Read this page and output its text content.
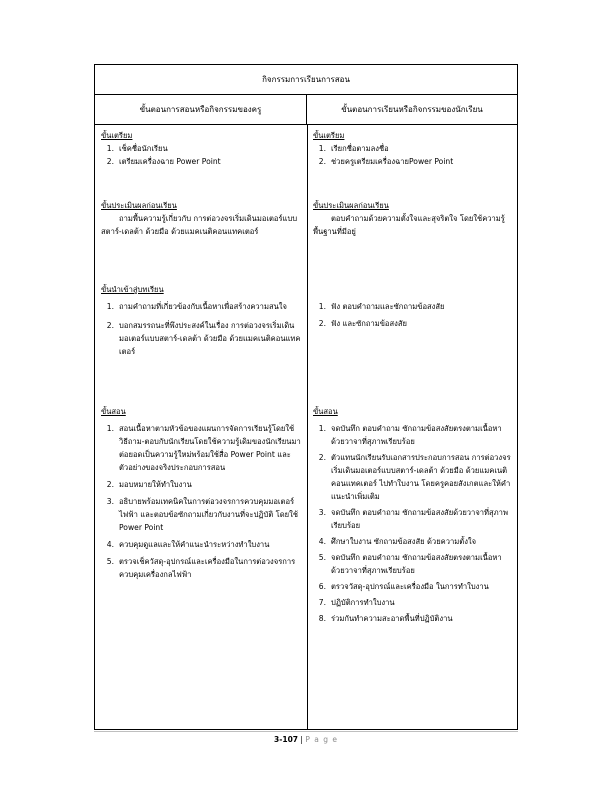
กิจกรรมการเรียนการสอน
ขั้นตอนการสอนหรือกิจกรรมของครู	ขั้นตอนการเรียนหรือกิจกรรมของนักเรียน
ขั้นเตรียม
1. เช็คชื่อนักเรียน
2. เตรียมเครื่องฉาย Power Point
ขั้นประเมินผลก่อนเรียน
ถามพื้นความรู้เกี่ยวกับ การต่อวงจรเริ่มเดินมอเตอร์แบบสตาร์-เดลต้า ด้วยมือ ด้วยแมคเนติคอนแทคเตอร์
ขั้นนำเข้าสู่บทเรียน
1. ถามคำถามที่เกี่ยวข้องกับเนื้อหาเพื่อสร้างความสนใจ
2. บอกสมรรถนะที่พึงประสงค์ในเรื่อง การต่อวงจรเริ่มเดินมอเตอร์แบบสตาร์-เดลต้า ด้วยมือ ด้วยแมคเนติคอนแทคเตอร์
ขั้นสอน
1. สอนเนื้อหาตามหัวข้อของแผนการจัดการเรียนรู้โดยใช้วิธีถาม-ตอบกับนักเรียนโดยใช้ความรู้เดิมของนักเรียนมาต่อยอดเป็นความรู้ใหม่พร้อมใช้สื่อ Power Point และตัวอย่างของจริงประกอบการสอน
2. มอบหมายให้ทำใบงาน
3. อธิบายพร้อมเทคนิคในการต่อวงจรการควบคุมมอเตอร์ไฟฟ้า และตอบข้อซักถามเกี่ยวกับงานที่จะปฏิบัติ โดยใช้ Power Point
4. ควบคุมดูแลและให้คำแนะนำระหว่างทำใบงาน
5. ตรวจเช็ควัสดุ-อุปกรณ์และเครื่องมือในการต่อวงจรการควบคุมเครื่องกลไฟฟ้า
ขั้นเตรียม
1. เรียกชื่อตามลงชื่อ
2. ช่วยครูเตรียมเครื่องฉายPower Point
ขั้นประเมินผลก่อนเรียน
ตอบคำถามด้วยความตั้งใจและสุจริตใจ โดยใช้ความรู้พื้นฐานที่มีอยู่
1. ฟัง ตอบคำถามและซักถามข้อสงสัย
2. ฟัง และซักถามข้อสงสัย
ขั้นสอน
1. จดบันทึก ตอบคำถาม ซักถามข้อสงสัยตรงตามเนื้อหาด้วยวาจาที่สุภาพเรียบร้อย
2. ตัวแทนนักเรียนรับเอกสารประกอบการสอน การต่อวงจรเริ่มเดินมอเตอร์แบบสตาร์-เดลต้า ด้วยมือ ด้วยแมคเนติคอนแทคเตอร์ ไปทำใบงาน โดยครูคอยสังเกตและให้คำแนะนำเพิ่มเติม
3. จดบันทึก ตอบคำถาม ซักถามข้อสงสัยด้วยวาจาที่สุภาพเรียบร้อย
4. ศึกษาใบงาน ซักถามข้อสงสัย ด้วยความตั้งใจ
5. จดบันทึก ตอบคำถาม ซักถามข้อสงสัยตรงตามเนื้อหาด้วยวาจาที่สุภาพเรียบร้อย
6. ตรวจวัสดุ-อุปกรณ์และเครื่องมือ ในการทำใบงาน
7. ปฏิบัติการทำใบงาน
8. ร่วมกันทำความสะอาดพื้นที่ปฏิบัติงาน
3-107 | P a g e
